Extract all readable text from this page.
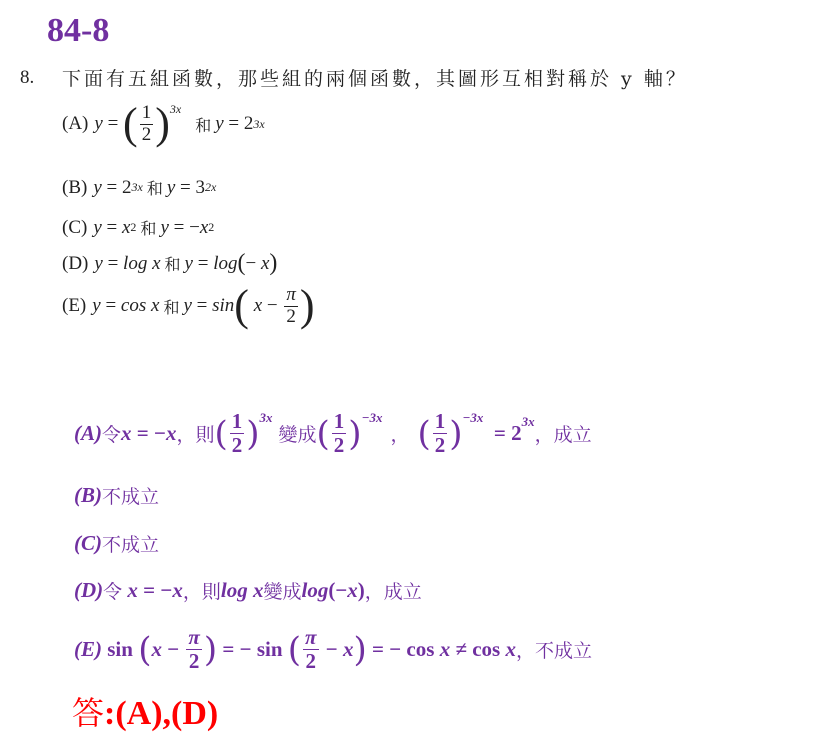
84-8
8. 下面有五組函數，那些組的兩個函數，其圖形互相對稱於 y 軸？
(A) y = ( $\frac{1}{2} )^{3x}$
和 y = 2 3x
(B) y = 2 3x 和 y = 3 2x
(C) y = x 2 和 y = − x 2
(D) y = log x 和 y = log ( − x )
(E) y = cos x 和 y = sin (
$x - \frac{\pi}{2}$ )
(A) 令 x = − x ， 則 ( $\frac{1}{2} )^{3x}$
變成 ( $\frac{1}{2} )^{-3x}$
， ( $\frac{1}{2} )^{-3x}$
= $2^{3x}$
，成立
(B) 不成立
(C) 不成立
(D) 令 x = − x ，則 log x 變成 log (− x ) ，成立
(E) sin ( $x - \frac{\pi}{2}$ ) = − sin ( $\frac{\pi}{2} - x$ ) = − cos x ≠ cos x ，不成立
答:(A),(D)
